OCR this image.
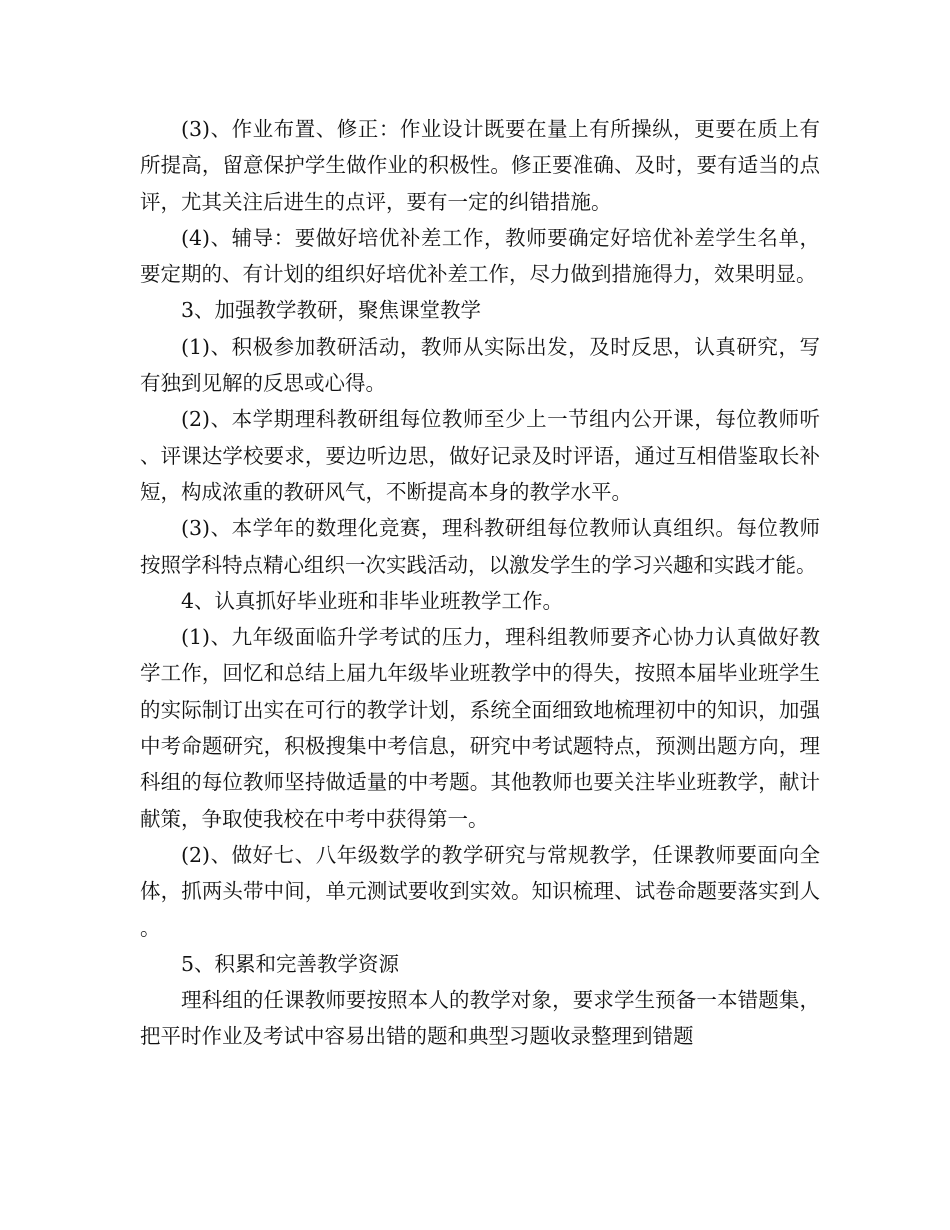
(3)、作业布置、修正：作业设计既要在量上有所操纵，更要在质上有所提高，留意保护学生做作业的积极性。修正要准确、及时，要有适当的点评，尤其关注后进生的点评，要有一定的纠错措施。

(4)、辅导：要做好培优补差工作，教师要确定好培优补差学生名单，要定期的、有计划的组织好培优补差工作，尽力做到措施得力，效果明显。

3、加强教学教研，聚焦课堂教学

(1)、积极参加教研活动，教师从实际出发，及时反思，认真研究，写有独到见解的反思或心得。

(2)、本学期理科教研组每位教师至少上一节组内公开课，每位教师听、评课达学校要求，要边听边思，做好记录及时评语，通过互相借鉴取长补短，构成浓重的教研风气，不断提高本身的教学水平。

(3)、本学年的数理化竞赛，理科教研组每位教师认真组织。每位教师按照学科特点精心组织一次实践活动，以激发学生的学习兴趣和实践才能。

4、认真抓好毕业班和非毕业班教学工作。

(1)、九年级面临升学考试的压力，理科组教师要齐心协力认真做好教学工作，回忆和总结上届九年级毕业班教学中的得失，按照本届毕业班学生的实际制订出实在可行的教学计划，系统全面细致地梳理初中的知识，加强中考命题研究，积极搜集中考信息，研究中考试题特点，预测出题方向，理科组的每位教师坚持做适量的中考题。其他教师也要关注毕业班教学，献计献策，争取使我校在中考中获得第一。

(2)、做好七、八年级数学的教学研究与常规教学，任课教师要面向全体，抓两头带中间，单元测试要收到实效。知识梳理、试卷命题要落实到人。

5、积累和完善教学资源

理科组的任课教师要按照本人的教学对象，要求学生预备一本错题集，把平时作业及考试中容易出错的题和典型习题收录整理到错题
